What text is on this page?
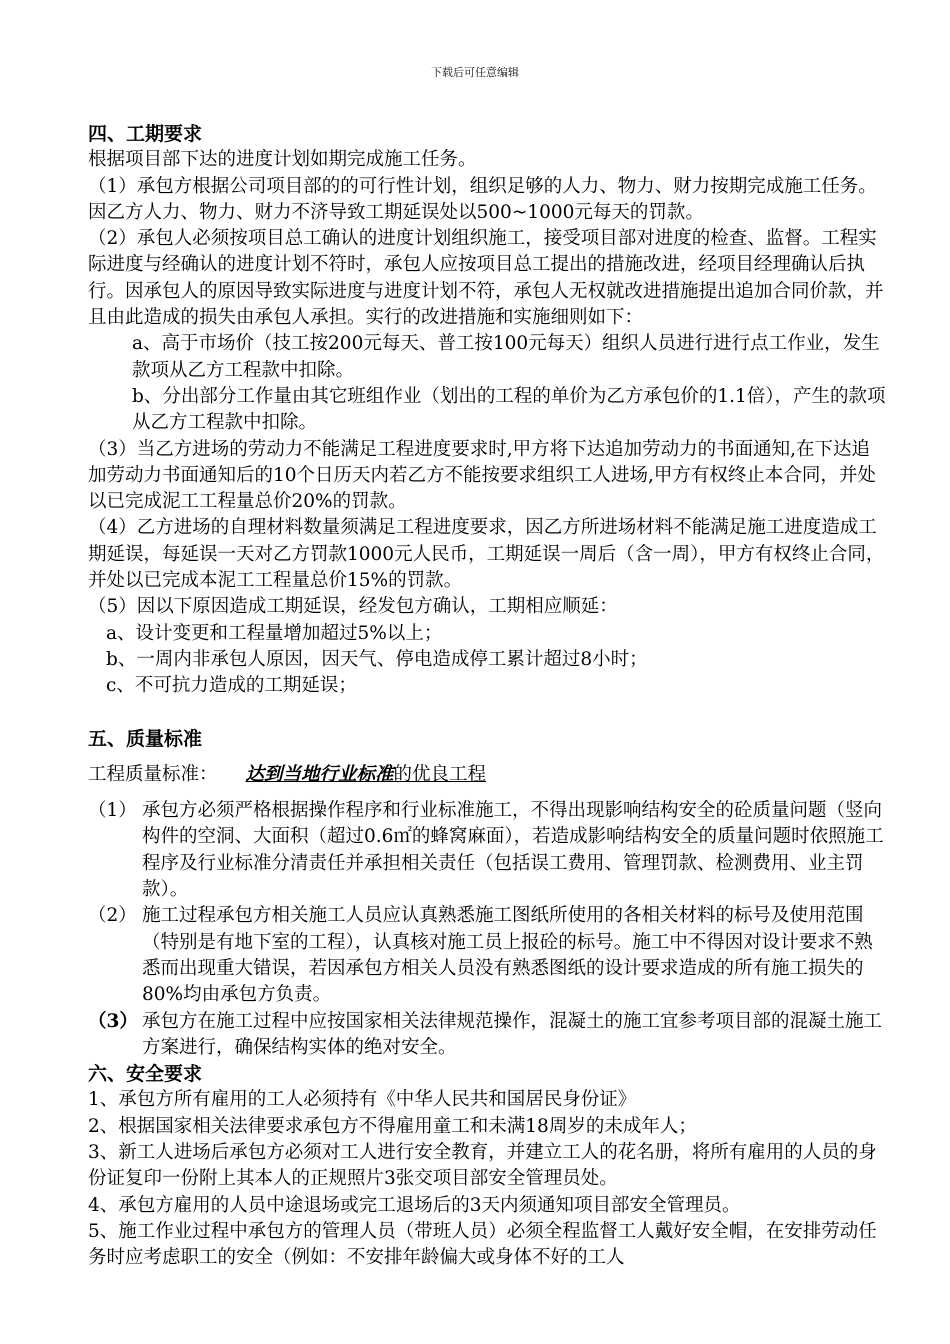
下载后可任意编辑

四、工期要求

根据项目部下达的进度计划如期完成施工任务。

（1）承包方根据公司项目部的的可行性计划，组织足够的人力、物力、财力按期完成施工任务。因乙方人力、物力、财力不济导致工期延误处以500~1000元每天的罚款。

（2）承包人必须按项目总工确认的进度计划组织施工，接受项目部对进度的检查、监督。工程实际进度与经确认的进度计划不符时，承包人应按项目总工提出的措施改进，经项目经理确认后执行。因承包人的原因导致实际进度与进度计划不符，承包人无权就改进措施提出追加合同价款，并且由此造成的损失由承包人承担。实行的改进措施和实施细则如下：

a、高于市场价（技工按200元每天、普工按100元每天）组织人员进行进行点工作业，发生款项从乙方工程款中扣除。

b、分出部分工作量由其它班组作业（划出的工程的单价为乙方承包价的1.1倍），产生的款项从乙方工程款中扣除。

（3）当乙方进场的劳动力不能满足工程进度要求时,甲方将下达追加劳动力的书面通知,在下达追加劳动力书面通知后的10个日历天内若乙方不能按要求组织工人进场,甲方有权终止本合同，并处以已完成泥工工程量总价20%的罚款。

（4）乙方进场的自理材料数量须满足工程进度要求，因乙方所进场材料不能满足施工进度造成工期延误，每延误一天对乙方罚款1000元人民币，工期延误一周后（含一周），甲方有权终止合同，并处以已完成本泥工工程量总价15%的罚款。

（5）因以下原因造成工期延误，经发包方确认，工期相应顺延：

a、设计变更和工程量增加超过5%以上；

b、一周内非承包人原因，因天气、停电造成停工累计超过8小时；

c、不可抗力造成的工期延误；

五、质量标准

工程质量标准： 达到当地行业标准的优良工程

（1） 承包方必须严格根据操作程序和行业标准施工，不得出现影响结构安全的砼质量问题（竖向构件的空洞、大面积（超过0.6㎡的蜂窝麻面），若造成影响结构安全的质量问题时依照施工程序及行业标准分清责任并承担相关责任（包括误工费用、管理罚款、检测费用、业主罚款）。
（2） 施工过程承包方相关施工人员应认真熟悉施工图纸所使用的各相关材料的标号及使用范围（特别是有地下室的工程），认真核对施工员上报砼的标号。施工中不得因对设计要求不熟悉而出现重大错误，若因承包方相关人员没有熟悉图纸的设计要求造成的所有施工损失的80%均由承包方负责。
（3） 承包方在施工过程中应按国家相关法律规范操作，混凝土的施工宜参考项目部的混凝土施工方案进行，确保结构实体的绝对安全。

六、安全要求

1、承包方所有雇用的工人必须持有《中华人民共和国居民身份证》

2、根据国家相关法律要求承包方不得雇用童工和未满18周岁的未成年人；

3、新工人进场后承包方必须对工人进行安全教育，并建立工人的花名册，将所有雇用的人员的身份证复印一份附上其本人的正规照片3张交项目部安全管理员处。

4、承包方雇用的人员中途退场或完工退场后的3天内须通知项目部安全管理员。

5、施工作业过程中承包方的管理人员（带班人员）必须全程监督工人戴好安全帽，在安排劳动任务时应考虑职工的安全（例如：不安排年龄偏大或身体不好的工人
